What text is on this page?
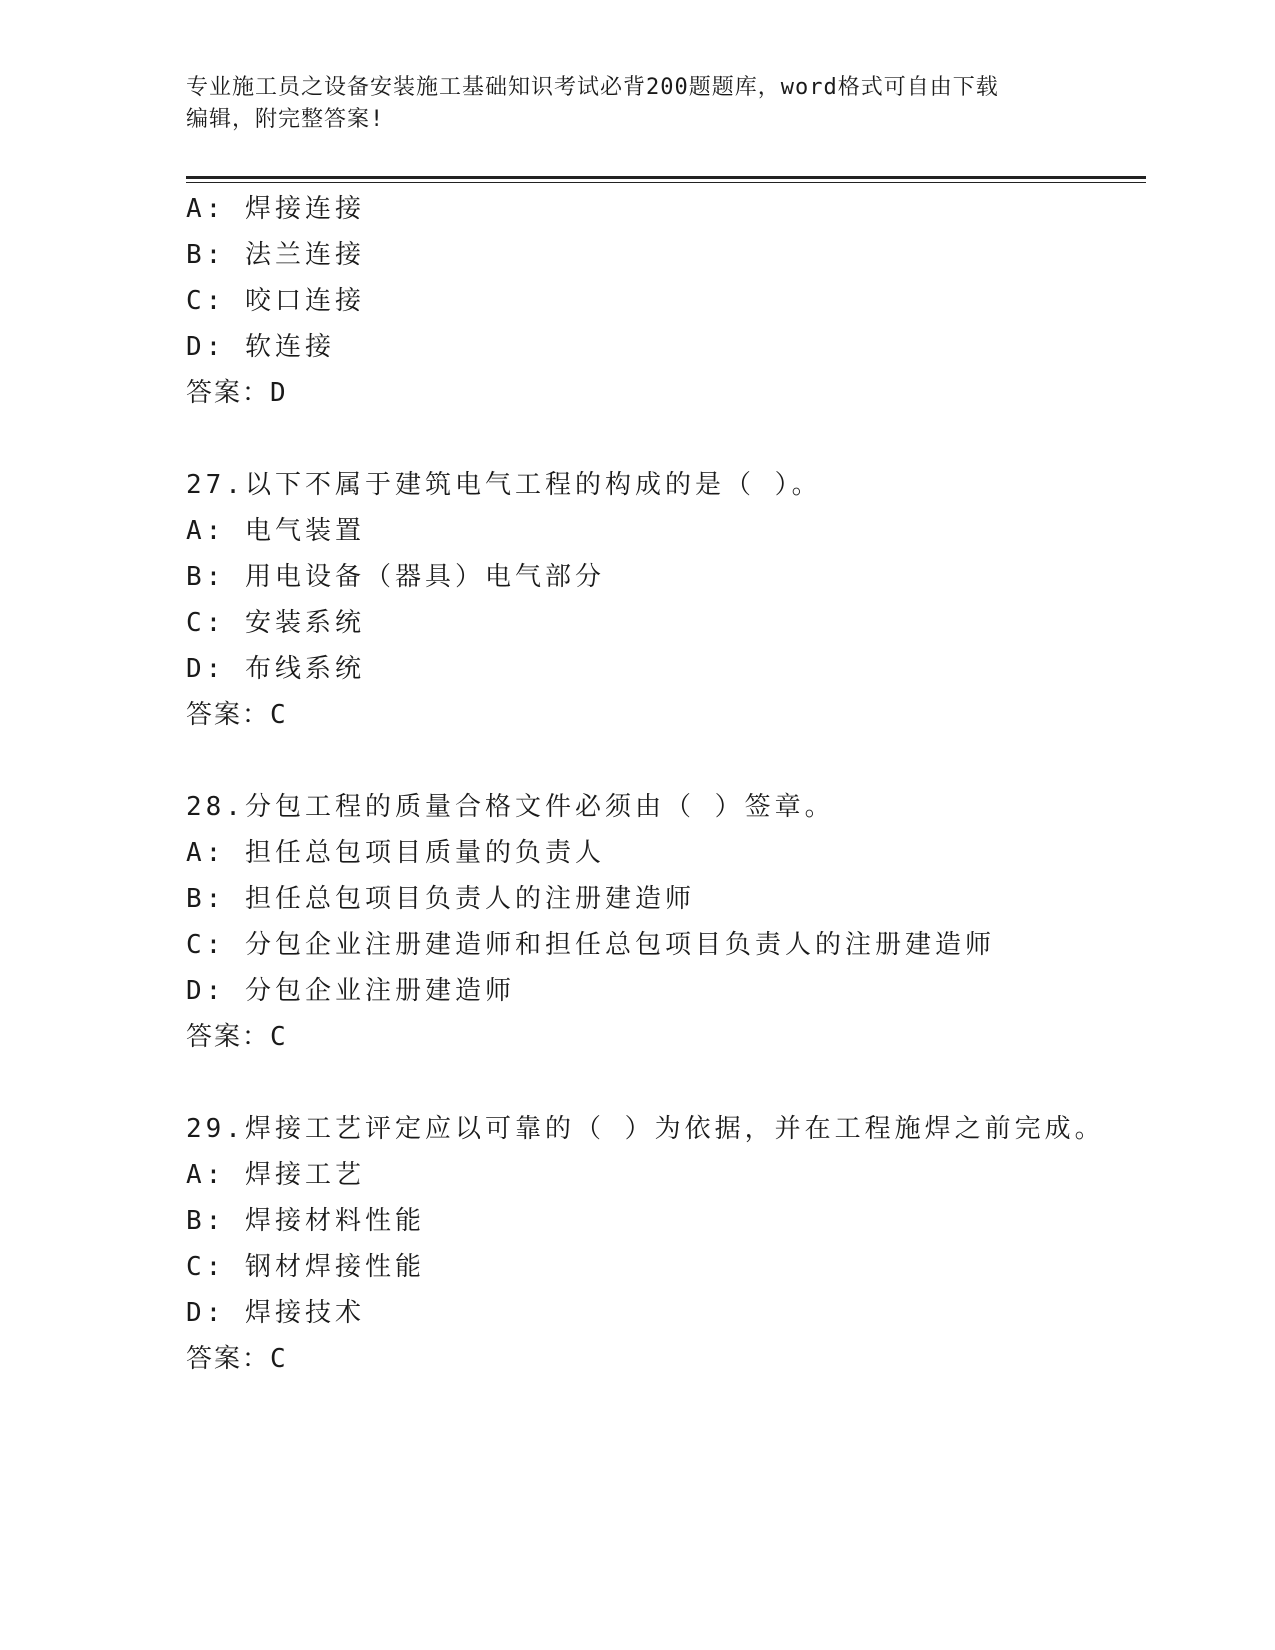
专业施工员之设备安装施工基础知识考试必背200题题库，word格式可自由下载
编辑，附完整答案!
A: 焊接连接
B: 法兰连接
C: 咬口连接
D: 软连接
答案：D
27.以下不属于建筑电气工程的构成的是（ ）。
A: 电气装置
B: 用电设备（器具）电气部分
C: 安装系统
D: 布线系统
答案：C
28.分包工程的质量合格文件必须由（ ）签章。
A: 担任总包项目质量的负责人
B: 担任总包项目负责人的注册建造师
C: 分包企业注册建造师和担任总包项目负责人的注册建造师
D: 分包企业注册建造师
答案：C
29.焊接工艺评定应以可靠的（ ）为依据，并在工程施焊之前完成。
A: 焊接工艺
B: 焊接材料性能
C: 钢材焊接性能
D: 焊接技术
答案：C
